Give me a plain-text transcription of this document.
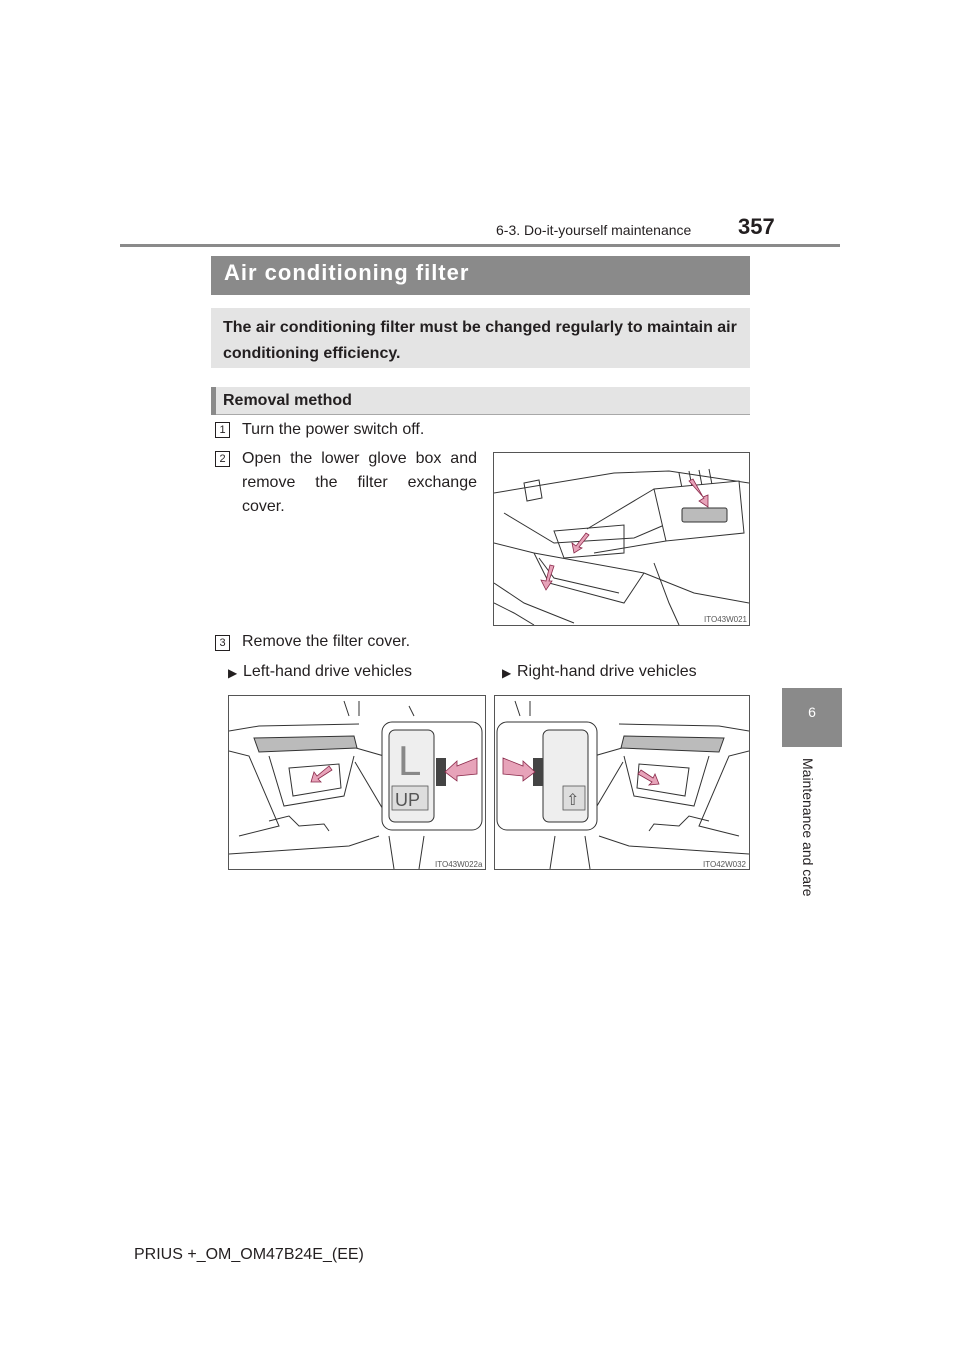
6-3. Do-it-yourself maintenance 357
6
Maintenance and care
Air conditioning filter
The air conditioning filter must be changed regularly to maintain air conditioning efficiency.
Removal method
1 Turn the power switch off.
2 Open the lower glove box and remove the filter exchange cover.
ITO43W021
3 Remove the filter cover.
▶ Left-hand drive vehicles	▶ Right-hand drive vehicles
L
UP
ITO43W022a
⇧
ITO42W032
PRIUS +_OM_OM47B24E_(EE)
